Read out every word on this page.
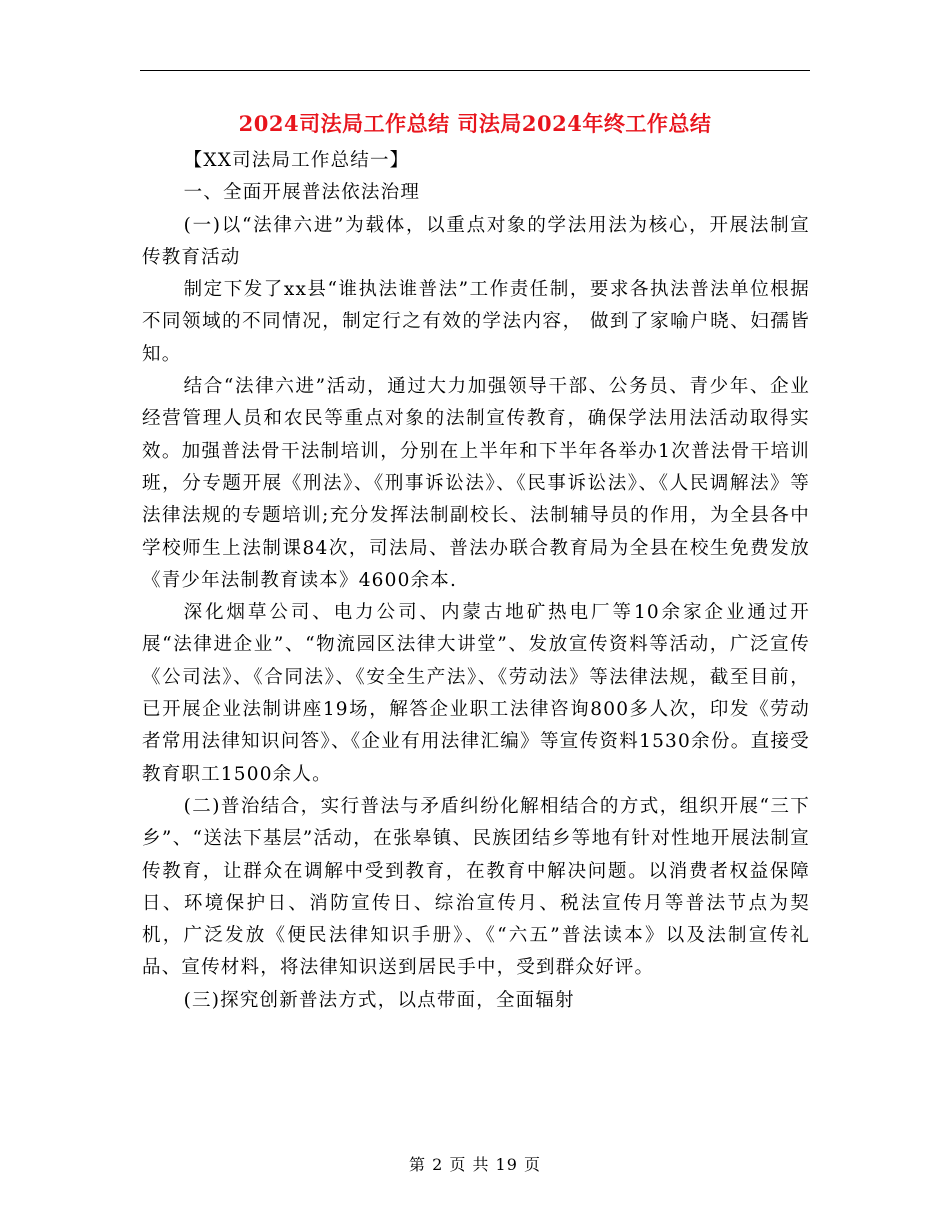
2024司法局工作总结 司法局2024年终工作总结

【XX司法局工作总结一】

一、全面开展普法依法治理

(一)以“法律六进”为载体，以重点对象的学法用法为核心，开展法制宣传教育活动

制定下发了xx县“谁执法谁普法”工作责任制，要求各执法普法单位根据不同领域的不同情况，制定行之有效的学法内容， 做到了家喻户晓、妇孺皆知。

结合“法律六进”活动，通过大力加强领导干部、公务员、青少年、企业经营管理人员和农民等重点对象的法制宣传教育，确保学法用法活动取得实效。加强普法骨干法制培训，分别在上半年和下半年各举办1次普法骨干培训班，分专题开展《刑法》、《刑事诉讼法》、《民事诉讼法》、《人民调解法》等法律法规的专题培训;充分发挥法制副校长、法制辅导员的作用，为全县各中学校师生上法制课84次，司法局、普法办联合教育局为全县在校生免费发放《青少年法制教育读本》4600余本.

深化烟草公司、电力公司、内蒙古地矿热电厂等10余家企业通过开展“法律进企业”、“物流园区法律大讲堂”、发放宣传资料等活动，广泛宣传《公司法》、《合同法》、《安全生产法》、《劳动法》等法律法规，截至目前，已开展企业法制讲座19场，解答企业职工法律咨询800多人次，印发《劳动者常用法律知识问答》、《企业有用法律汇编》等宣传资料1530余份。直接受教育职工1500余人。

(二)普治结合，实行普法与矛盾纠纷化解相结合的方式，组织开展“三下乡”、“送法下基层”活动，在张皋镇、民族团结乡等地有针对性地开展法制宣传教育，让群众在调解中受到教育，在教育中解决问题。以消费者权益保障日、环境保护日、消防宣传日、综治宣传月、税法宣传月等普法节点为契机，广泛发放《便民法律知识手册》、《“六五”普法读本》以及法制宣传礼品、宣传材料，将法律知识送到居民手中，受到群众好评。

(三)探究创新普法方式，以点带面，全面辐射

第 2 页 共 19 页
